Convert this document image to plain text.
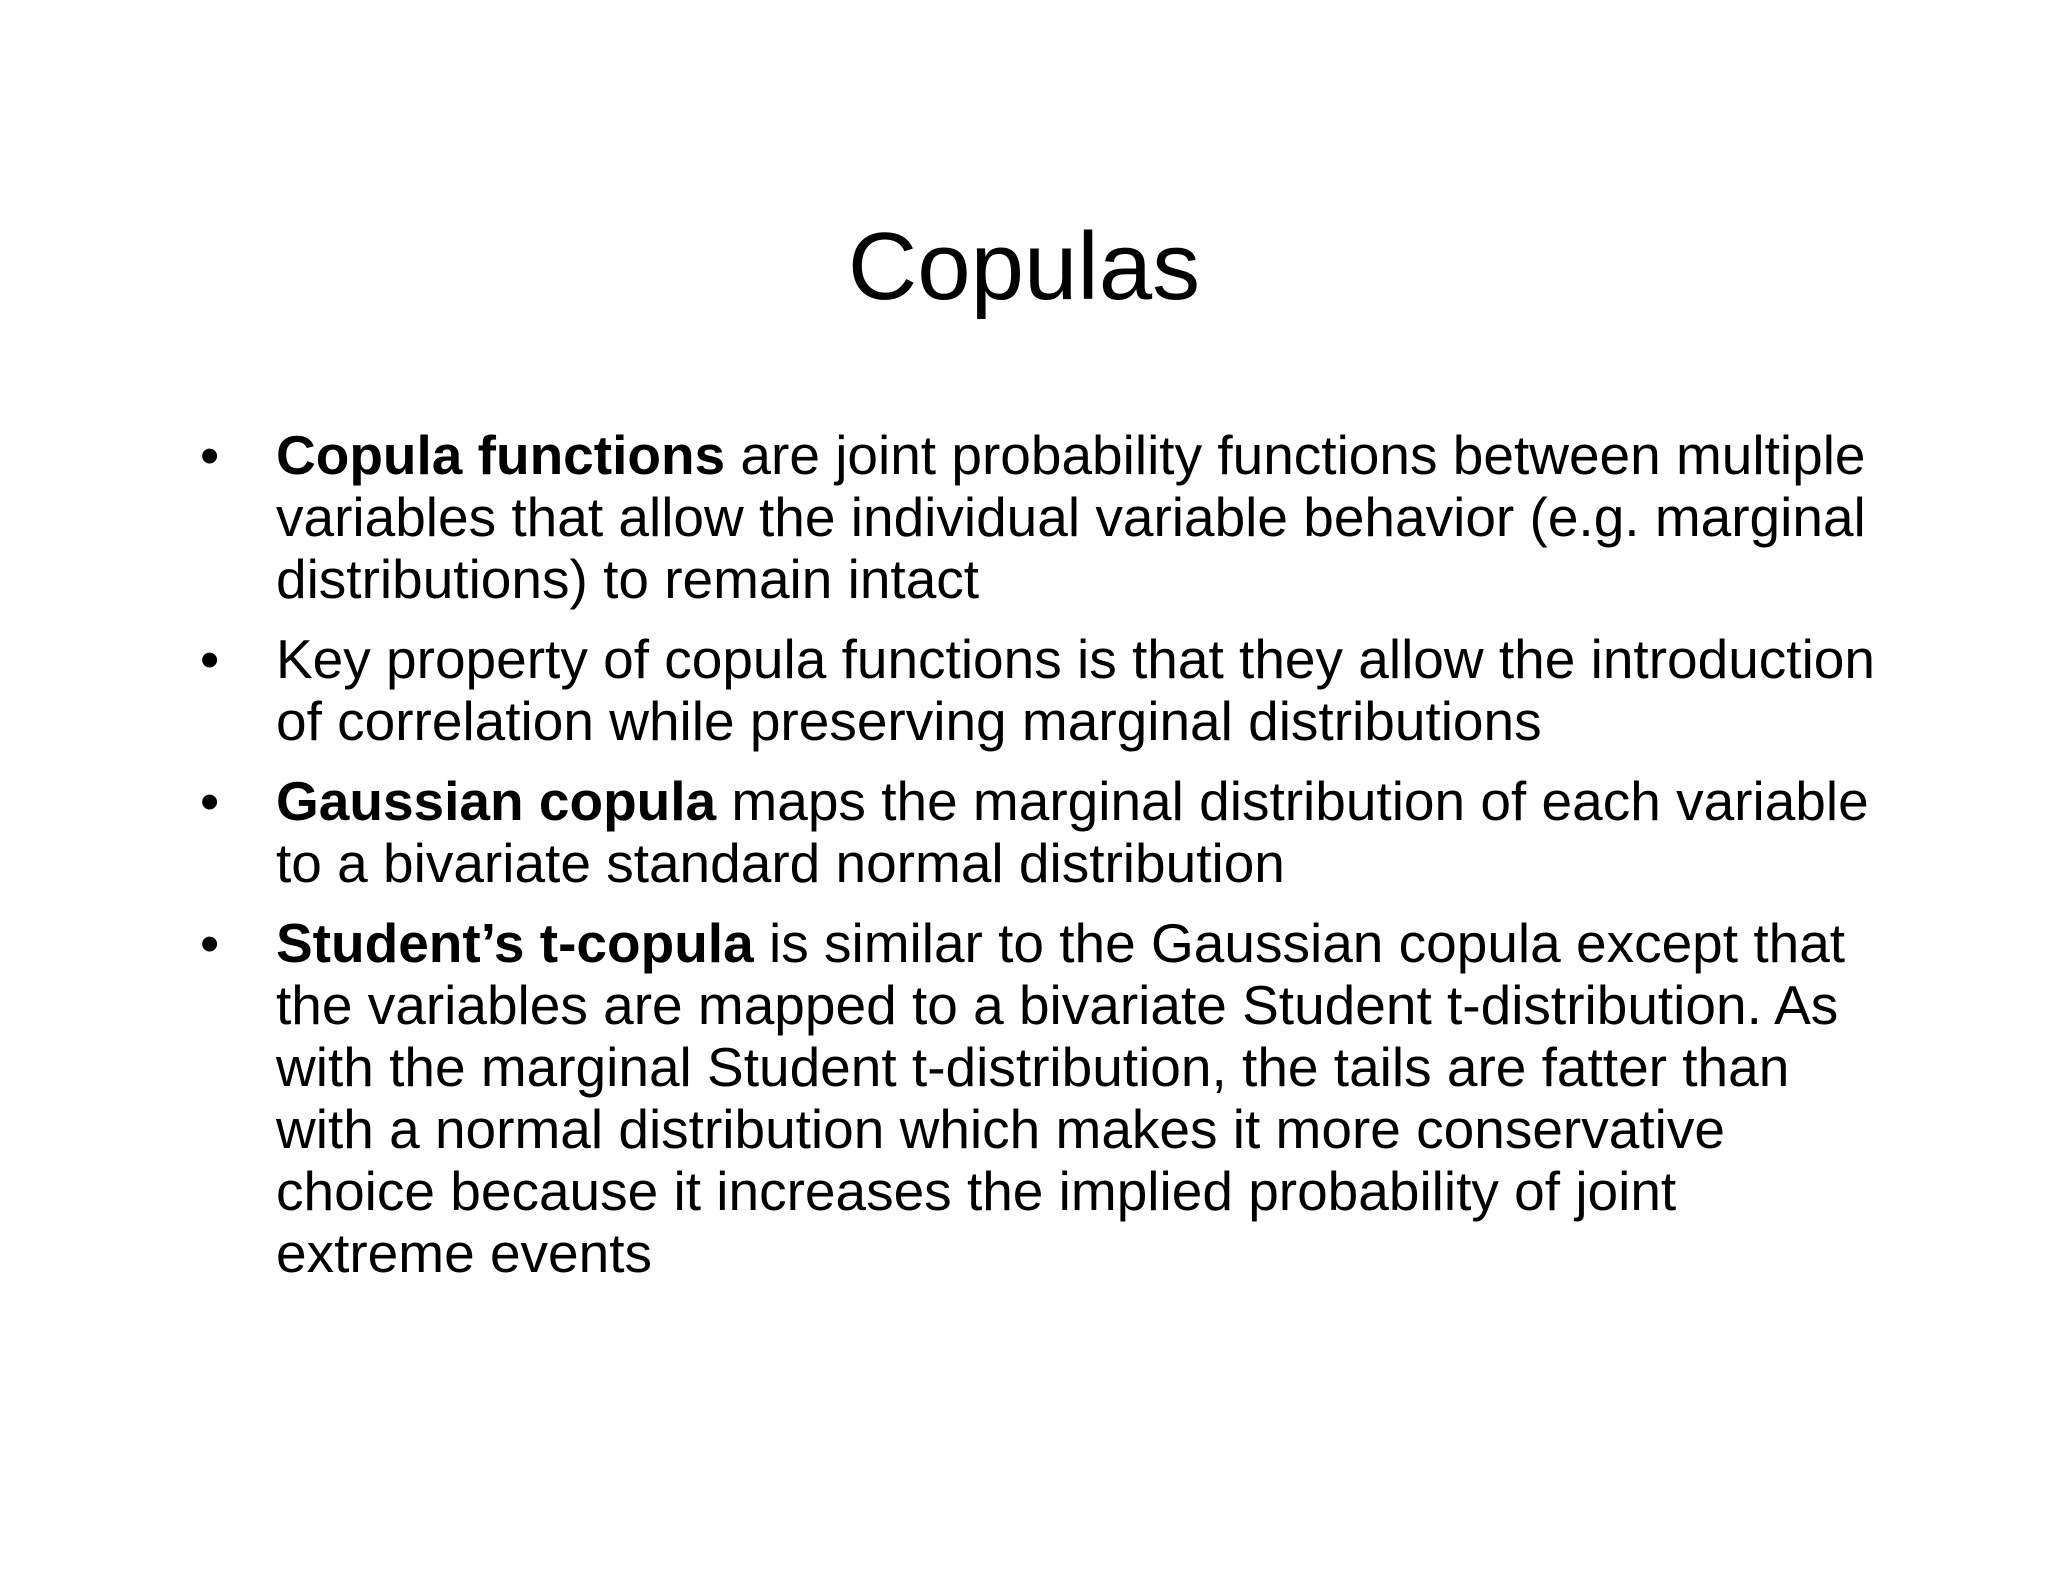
Copulas
• Copula functions are joint probability functions between multiple variables that allow the individual variable behavior (e.g. marginal distributions) to remain intact
• Key property of copula functions is that they allow the introduction of correlation while preserving marginal distributions
• Gaussian copula maps the marginal distribution of each variable to a bivariate standard normal distribution
• Student’s t-copula is similar to the Gaussian copula except that the variables are mapped to a bivariate Student t-distribution. As with the marginal Student t-distribution, the tails are fatter than with a normal distribution which makes it more conservative choice because it increases the implied probability of joint extreme events
